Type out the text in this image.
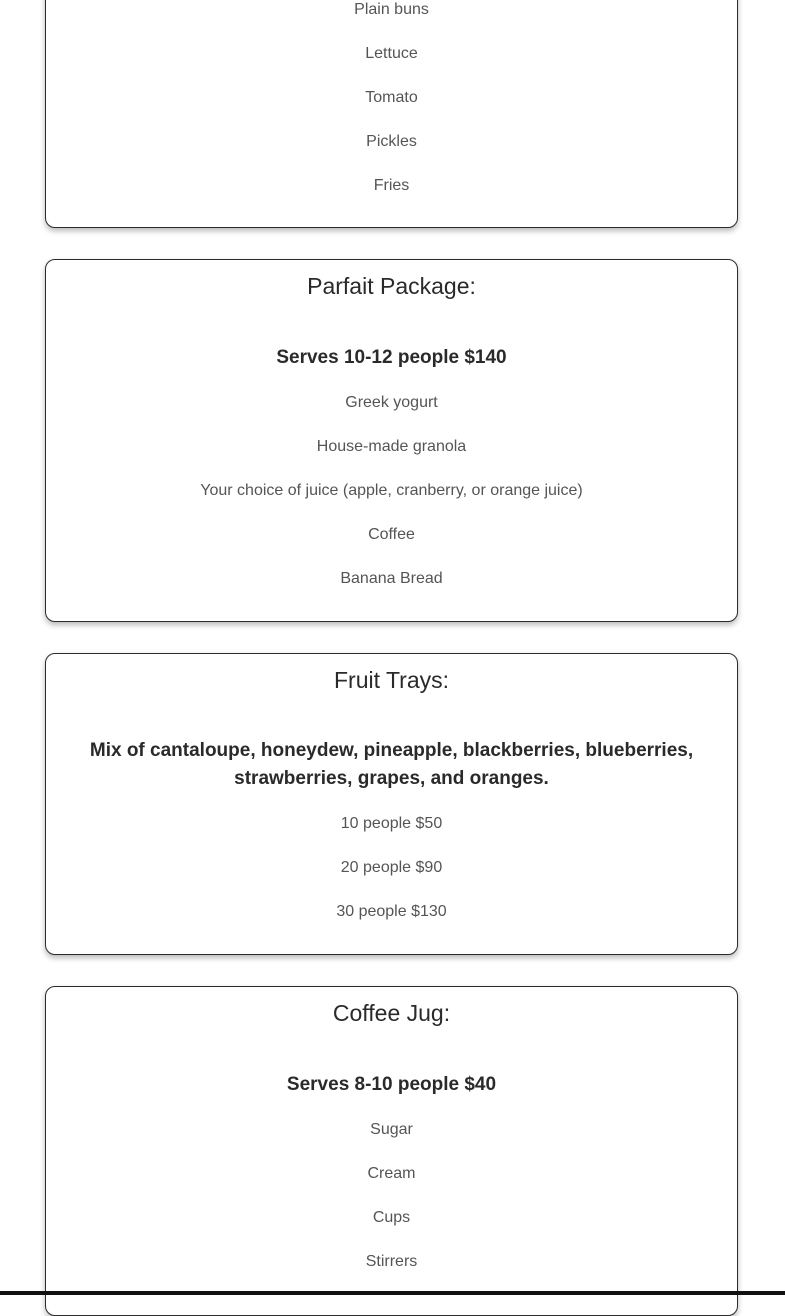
Plain buns

Lettuce

Tomato

Pickles

Fries

Parfait Package:
Serves 10-12 people $140

Greek yogurt

House-made granola

Your choice of juice (apple, cranberry, or orange juice)

Coffee

Banana Bread

Fruit Trays:
Mix of cantaloupe, honeydew, pineapple, blackberries, blueberries,
strawberries, grapes, and oranges.

10 people $50

20 people $90

30 people $130

Coffee Jug:
Serves 8-10 people $40

Sugar

Cream

Cups

Stirrers
